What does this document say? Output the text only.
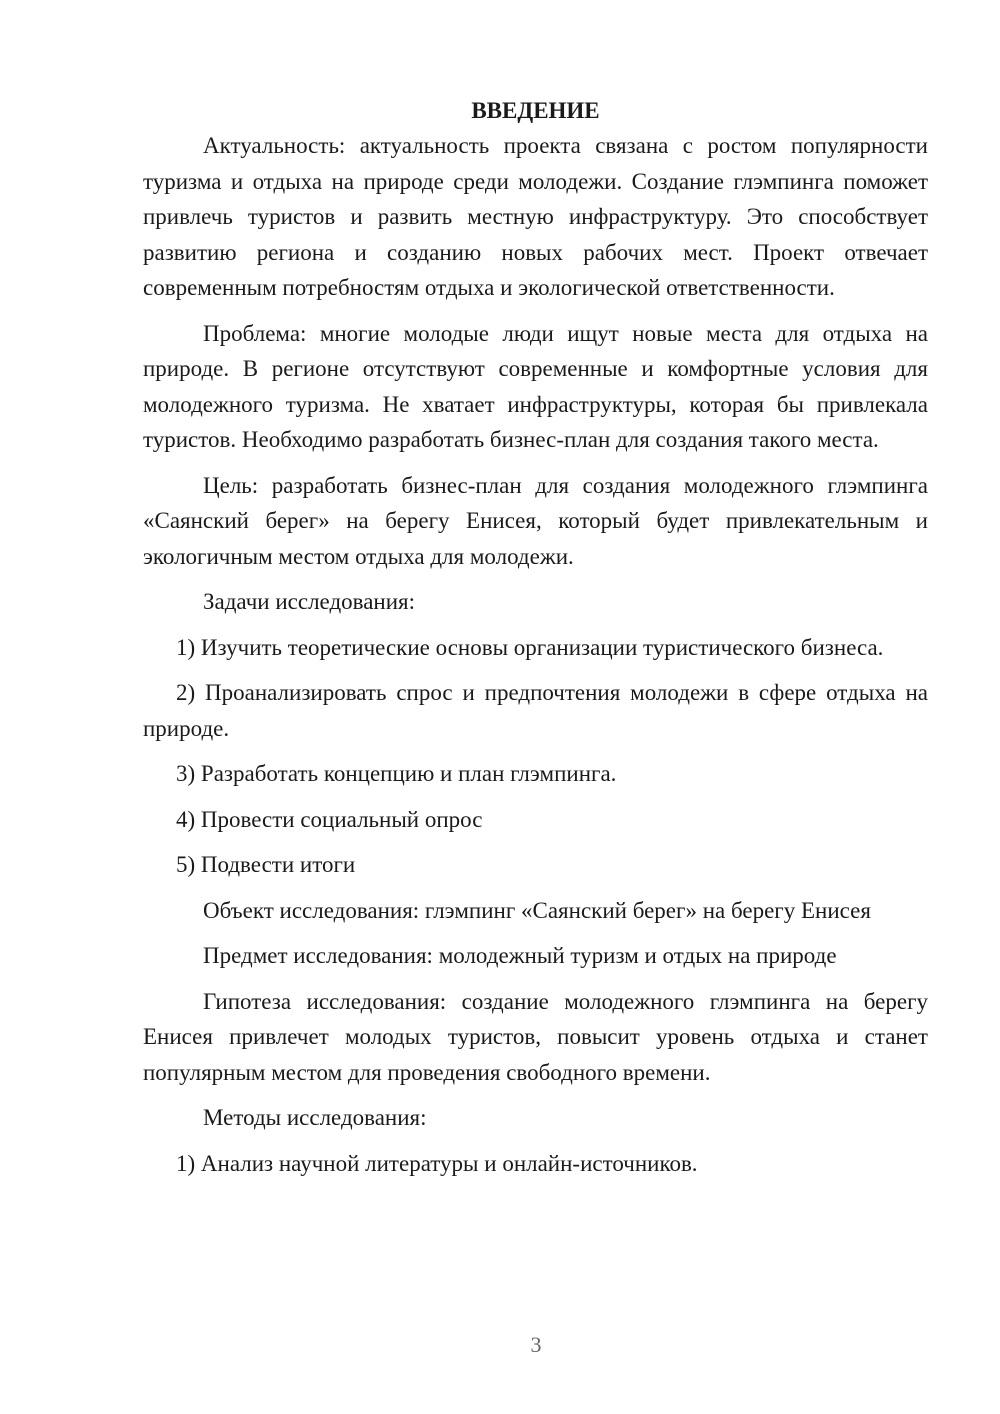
ВВЕДЕНИЕ

Актуальность: актуальность проекта связана с ростом популярности туризма и отдыха на природе среди молодежи. Создание глэмпинга поможет привлечь туристов и развить местную инфраструктуру. Это способствует развитию региона и созданию новых рабочих мест. Проект отвечает современным потребностям отдыха и экологической ответственности.

Проблема: многие молодые люди ищут новые места для отдыха на природе. В регионе отсутствуют современные и комфортные условия для молодежного туризма. Не хватает инфраструктуры, которая бы привлекала туристов. Необходимо разработать бизнес-план для создания такого места.

Цель: разработать бизнес-план для создания молодежного глэмпинга «Саянский берег» на берегу Енисея, который будет привлекательным и экологичным местом отдыха для молодежи.

Задачи исследования:

1) Изучить теоретические основы организации туристического бизнеса.

2) Проанализировать спрос и предпочтения молодежи в сфере отдыха на природе.

3) Разработать концепцию и план глэмпинга.

4) Провести социальный опрос

5) Подвести итоги

Объект исследования: глэмпинг «Саянский берег» на берегу Енисея

Предмет исследования: молодежный туризм и отдых на природе

Гипотеза исследования: создание молодежного глэмпинга на берегу Енисея привлечет молодых туристов, повысит уровень отдыха и станет популярным местом для проведения свободного времени.

Методы исследования:

1) Анализ научной литературы и онлайн-источников.

3
